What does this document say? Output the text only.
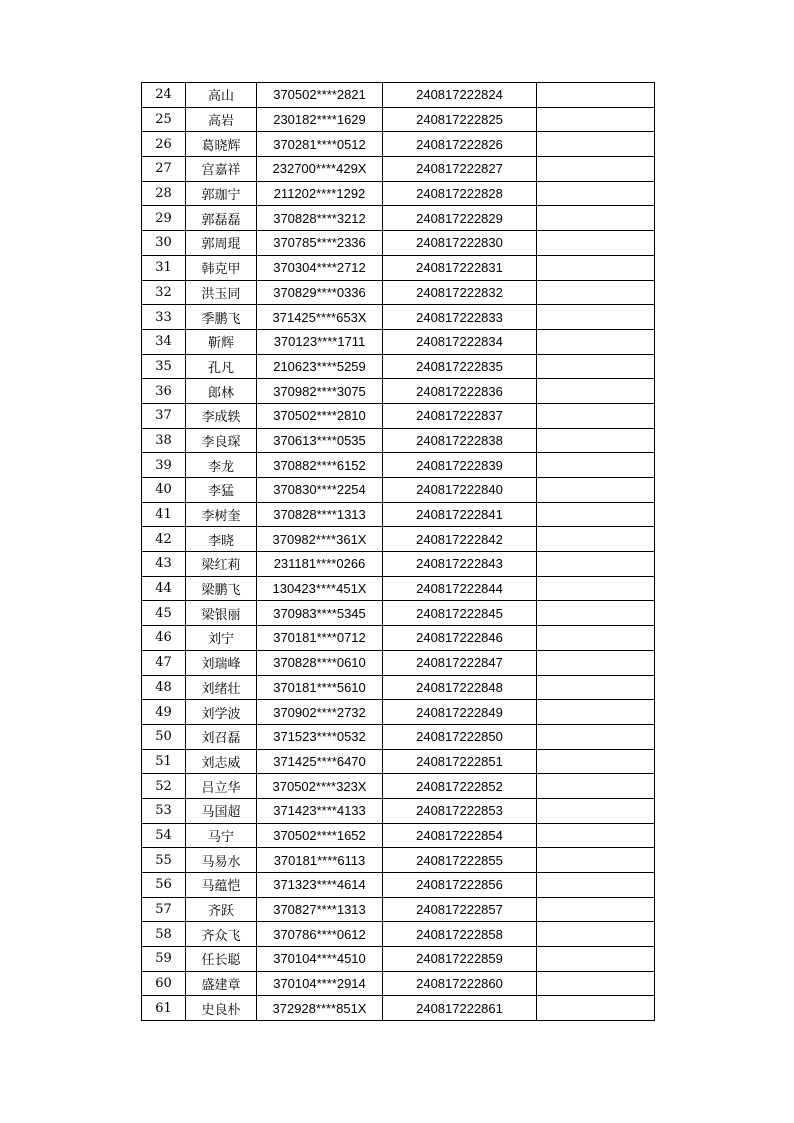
24	高山	370502****2821	240817222824	
25	高岩	230182****1629	240817222825	
26	葛晓辉	370281****0512	240817222826	
27	宫嘉祥	232700****429X	240817222827	
28	郭珈宁	211202****1292	240817222828	
29	郭磊磊	370828****3212	240817222829	
30	郭周琨	370785****2336	240817222830	
31	韩克甲	370304****2712	240817222831	
32	洪玉同	370829****0336	240817222832	
33	季鹏飞	371425****653X	240817222833	
34	靳辉	370123****1711	240817222834	
35	孔凡	210623****5259	240817222835	
36	郎林	370982****3075	240817222836	
37	李成轶	370502****2810	240817222837	
38	李良琛	370613****0535	240817222838	
39	李龙	370882****6152	240817222839	
40	李猛	370830****2254	240817222840	
41	李树奎	370828****1313	240817222841	
42	李晓	370982****361X	240817222842	
43	梁红莉	231181****0266	240817222843	
44	梁鹏飞	130423****451X	240817222844	
45	梁银丽	370983****5345	240817222845	
46	刘宁	370181****0712	240817222846	
47	刘瑞峰	370828****0610	240817222847	
48	刘绪壮	370181****5610	240817222848	
49	刘学波	370902****2732	240817222849	
50	刘召磊	371523****0532	240817222850	
51	刘志威	371425****6470	240817222851	
52	吕立华	370502****323X	240817222852	
53	马国超	371423****4133	240817222853	
54	马宁	370502****1652	240817222854	
55	马易水	370181****6113	240817222855	
56	马蕴恺	371323****4614	240817222856	
57	齐跃	370827****1313	240817222857	
58	齐众飞	370786****0612	240817222858	
59	任长聪	370104****4510	240817222859	
60	盛建章	370104****2914	240817222860	
61	史良朴	372928****851X	240817222861	
